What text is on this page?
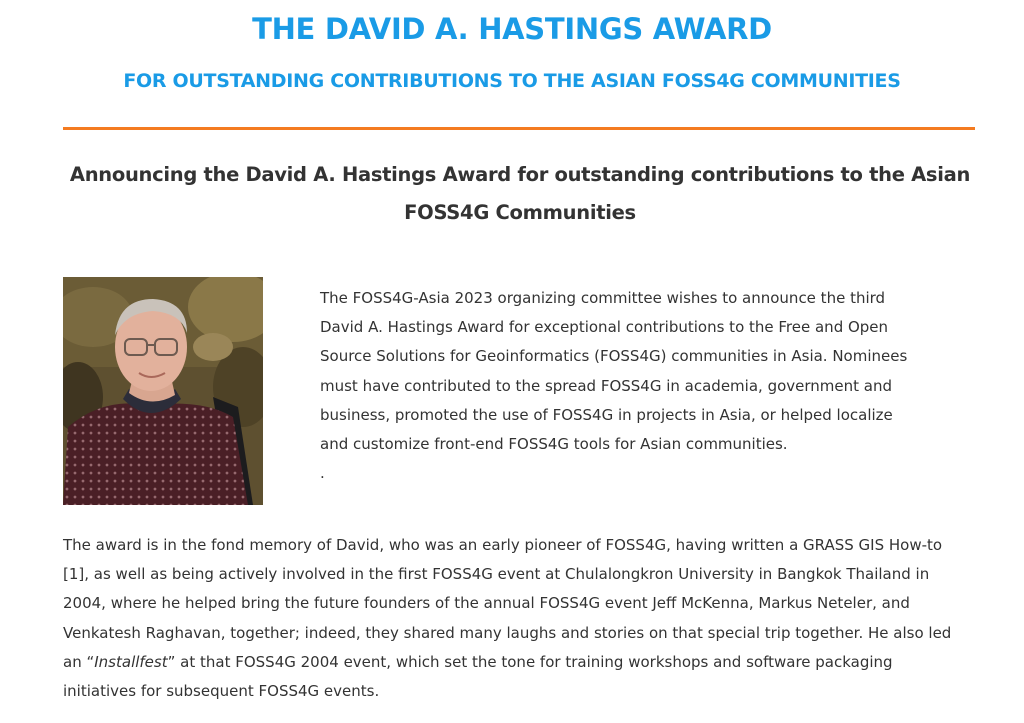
THE DAVID A. HASTINGS AWARD
FOR OUTSTANDING CONTRIBUTIONS TO THE ASIAN FOSS4G COMMUNITIES
Announcing the David A. Hastings Award for outstanding contributions to the Asian FOSS4G Communities

The FOSS4G-Asia 2023 organizing committee wishes to announce the third David A. Hastings Award for exceptional contributions to the Free and Open Source Solutions for Geoinformatics (FOSS4G) communities in Asia. Nominees must have contributed to the spread FOSS4G in academia, government and business, promoted the use of FOSS4G in projects in Asia, or helped localize and customize front-end FOSS4G tools for Asian communities.

.

The award is in the fond memory of David, who was an early pioneer of FOSS4G, having written a GRASS GIS How-to [1], as well as being actively involved in the first FOSS4G event at Chulalongkron University in Bangkok Thailand in 2004, where he helped bring the future founders of the annual FOSS4G event Jeff McKenna, Markus Neteler, and Venkatesh Raghavan, together; indeed, they shared many laughs and stories on that special trip together. He also led an “Installfest” at that FOSS4G 2004 event, which set the tone for training workshops and software packaging initiatives for subsequent FOSS4G events.
